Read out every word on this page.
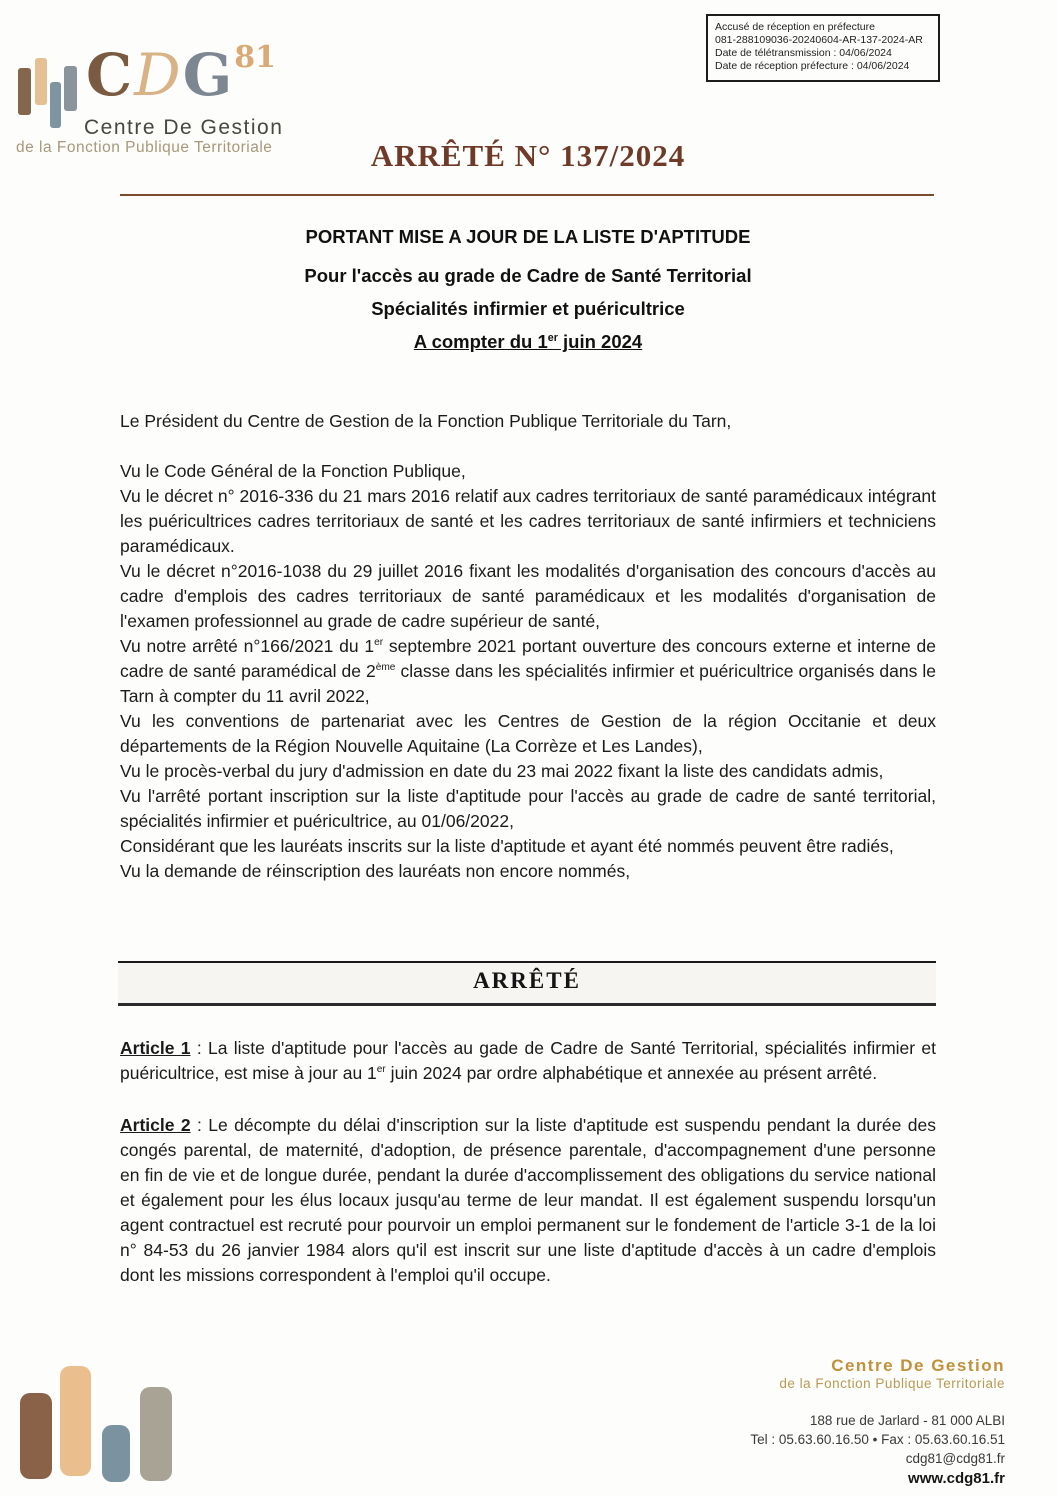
Accusé de réception en préfecture
081-288109036-20240604-AR-137-2024-AR
Date de télétransmission : 04/06/2024
Date de réception préfecture : 04/06/2024
CDG81
Centre De Gestion
de la Fonction Publique Territoriale	ARRÊTÉ N° 137/2024
PORTANT MISE A JOUR DE LA LISTE D'APTITUDE
Pour l'accès au grade de Cadre de Santé Territorial
Spécialités infirmier et puéricultrice
A compter du 1er juin 2024

Le Président du Centre de Gestion de la Fonction Publique Territoriale du Tarn,

Vu le Code Général de la Fonction Publique,

Vu le décret n° 2016-336 du 21 mars 2016 relatif aux cadres territoriaux de santé paramédicaux intégrant les puéricultrices cadres territoriaux de santé et les cadres territoriaux de santé infirmiers et techniciens paramédicaux.

Vu le décret n°2016-1038 du 29 juillet 2016 fixant les modalités d'organisation des concours d'accès au cadre d'emplois des cadres territoriaux de santé paramédicaux et les modalités d'organisation de l'examen professionnel au grade de cadre supérieur de santé,

Vu notre arrêté n°166/2021 du 1er septembre 2021 portant ouverture des concours externe et interne de cadre de santé paramédical de 2ème classe dans les spécialités infirmier et puéricultrice organisés dans le Tarn à compter du 11 avril 2022,

Vu les conventions de partenariat avec les Centres de Gestion de la région Occitanie et deux départements de la Région Nouvelle Aquitaine (La Corrèze et Les Landes),

Vu le procès-verbal du jury d'admission en date du 23 mai 2022 fixant la liste des candidats admis,

Vu l'arrêté portant inscription sur la liste d'aptitude pour l'accès au grade de cadre de santé territorial, spécialités infirmier et puéricultrice, au 01/06/2022,

Considérant que les lauréats inscrits sur la liste d'aptitude et ayant été nommés peuvent être radiés,

Vu la demande de réinscription des lauréats non encore nommés,

ARRÊTÉ

Article 1 : La liste d'aptitude pour l'accès au gade de Cadre de Santé Territorial, spécialités infirmier et puéricultrice, est mise à jour au 1er juin 2024 par ordre alphabétique et annexée au présent arrêté.

Article 2 : Le décompte du délai d'inscription sur la liste d'aptitude est suspendu pendant la durée des congés parental, de maternité, d'adoption, de présence parentale, d'accompagnement d'une personne en fin de vie et de longue durée, pendant la durée d'accomplissement des obligations du service national et également pour les élus locaux jusqu'au terme de leur mandat. Il est également suspendu lorsqu'un agent contractuel est recruté pour pourvoir un emploi permanent sur le fondement de l'article 3-1 de la loi n° 84-53 du 26 janvier 1984 alors qu'il est inscrit sur une liste d'aptitude d'accès à un cadre d'emplois dont les missions correspondent à l'emploi qu'il occupe.

Centre De Gestion
de la Fonction Publique Territoriale
188 rue de Jarlard - 81 000 ALBI
Tel : 05.63.60.16.50 • Fax : 05.63.60.16.51
cdg81@cdg81.fr
www.cdg81.fr
